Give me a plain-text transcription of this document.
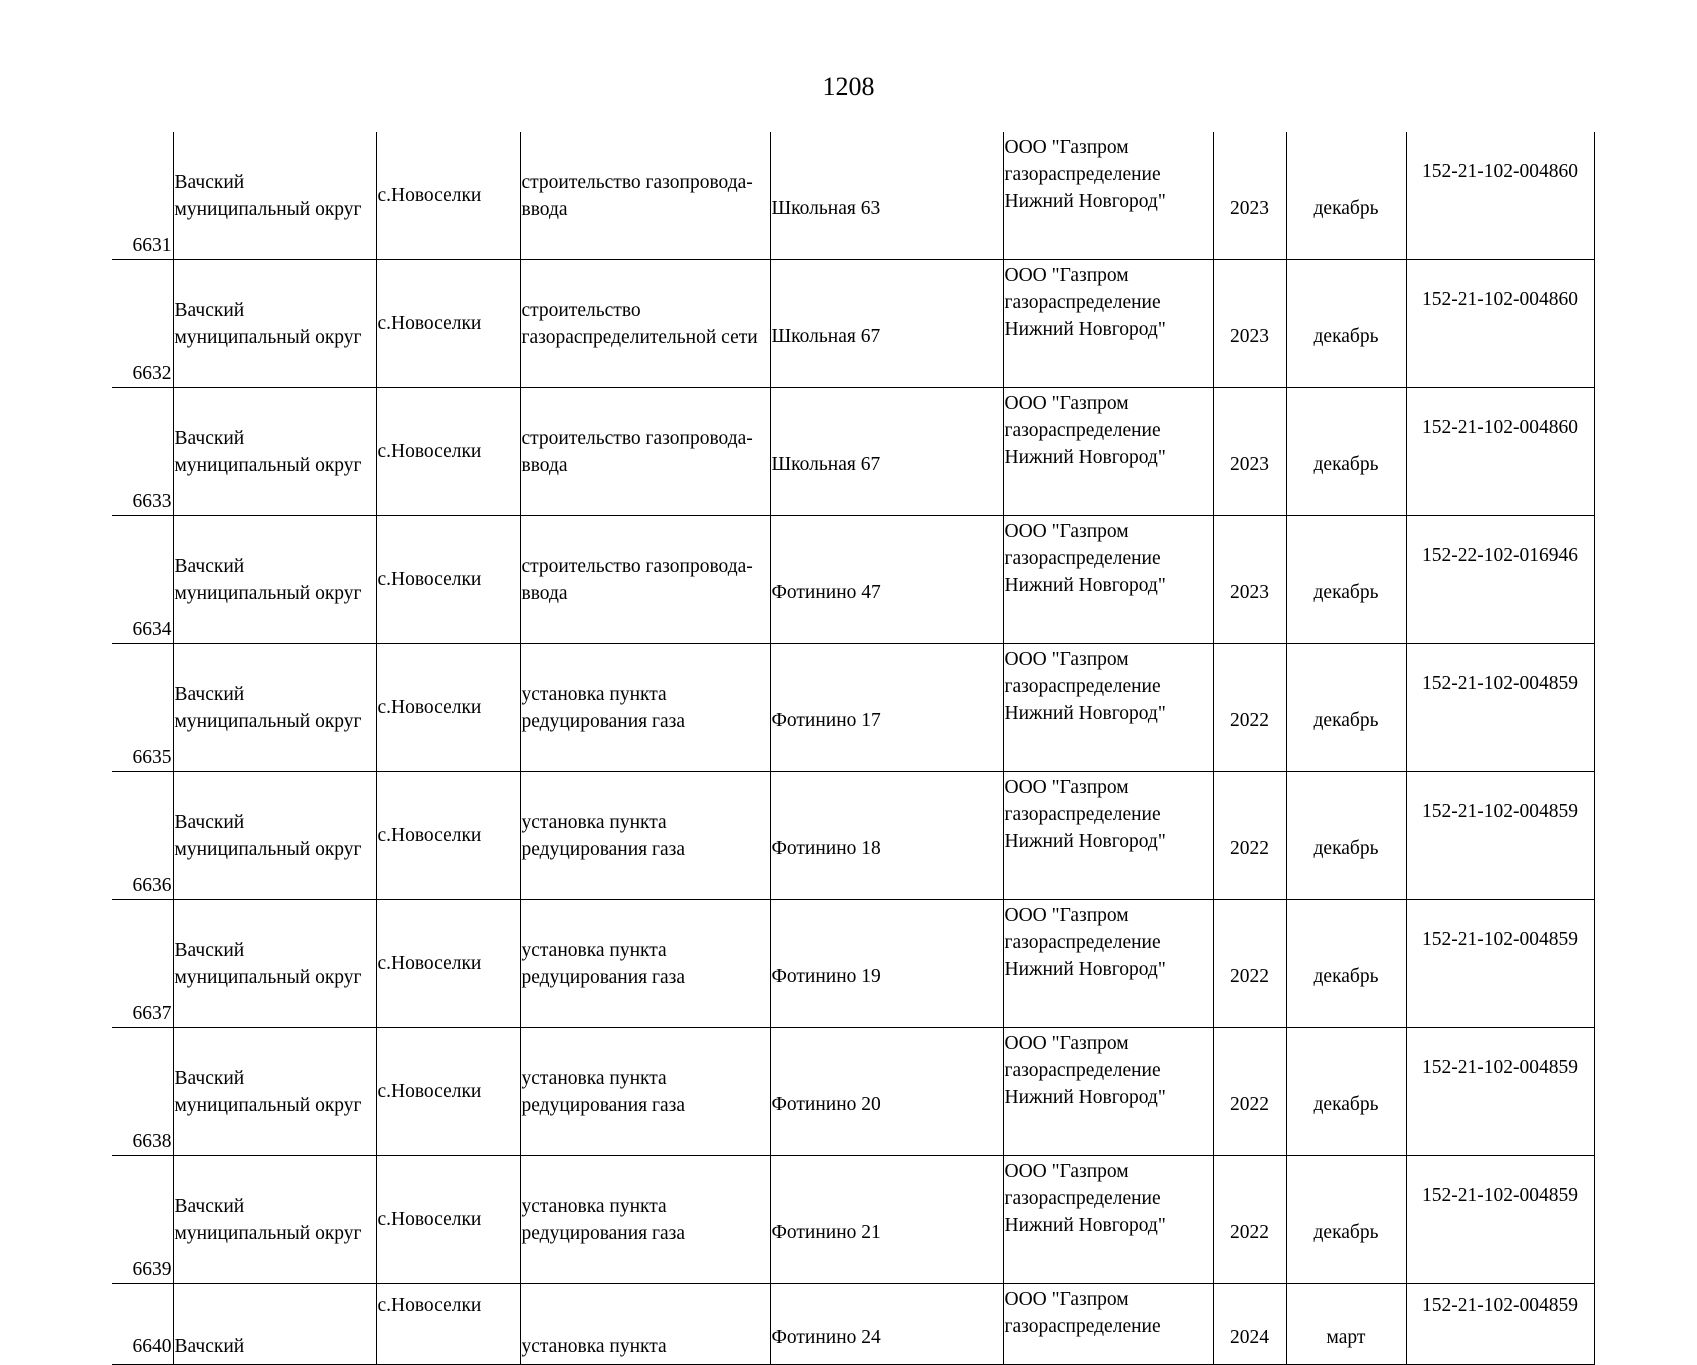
1208
6631	Вачский
муниципальный округ	с.Новоселки	строительство газопровода-
ввода	Школьная 63	ООО "Газпром
газораспределение
Нижний Новгород"	2023	декабрь	152-21-102-004860
6632	Вачский
муниципальный округ	с.Новоселки	строительство
газораспределительной сети	Школьная 67	ООО "Газпром
газораспределение
Нижний Новгород"	2023	декабрь	152-21-102-004860
6633	Вачский
муниципальный округ	с.Новоселки	строительство газопровода-
ввода	Школьная 67	ООО "Газпром
газораспределение
Нижний Новгород"	2023	декабрь	152-21-102-004860
6634	Вачский
муниципальный округ	с.Новоселки	строительство газопровода-
ввода	Фотинино 47	ООО "Газпром
газораспределение
Нижний Новгород"	2023	декабрь	152-22-102-016946
6635	Вачский
муниципальный округ	с.Новоселки	установка пункта
редуцирования газа	Фотинино 17	ООО "Газпром
газораспределение
Нижний Новгород"	2022	декабрь	152-21-102-004859
6636	Вачский
муниципальный округ	с.Новоселки	установка пункта
редуцирования газа	Фотинино 18	ООО "Газпром
газораспределение
Нижний Новгород"	2022	декабрь	152-21-102-004859
6637	Вачский
муниципальный округ	с.Новоселки	установка пункта
редуцирования газа	Фотинино 19	ООО "Газпром
газораспределение
Нижний Новгород"	2022	декабрь	152-21-102-004859
6638	Вачский
муниципальный округ	с.Новоселки	установка пункта
редуцирования газа	Фотинино 20	ООО "Газпром
газораспределение
Нижний Новгород"	2022	декабрь	152-21-102-004859
6639	Вачский
муниципальный округ	с.Новоселки	установка пункта
редуцирования газа	Фотинино 21	ООО "Газпром
газораспределение
Нижний Новгород"	2022	декабрь	152-21-102-004859
6640	Вачский	с.Новоселки	установка пункта	Фотинино 24	ООО "Газпром
газораспределение	2024	март	152-21-102-004859
